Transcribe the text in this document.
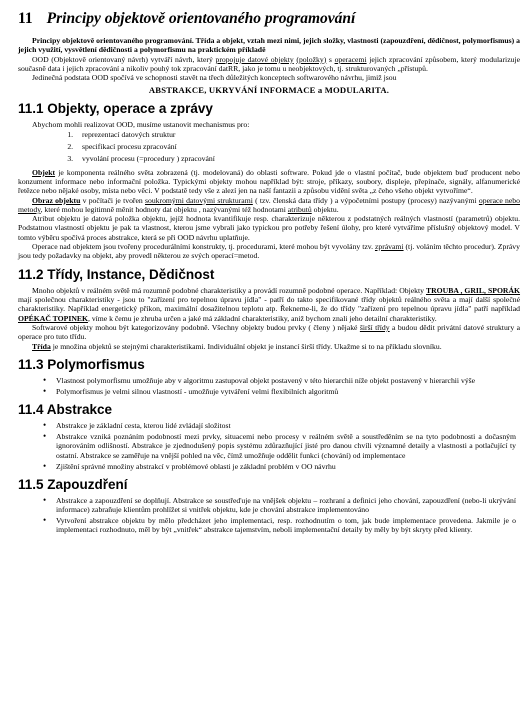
11 Principy objektově orientovaného programování

Principy objektově orientovaného programování. Třída a objekt, vztah mezi nimi, jejich složky, vlastnosti (zapouzdření, dědičnost, polymorfismus) a jejich využití, vysvětlení dědičnosti a polymorfismu na praktickém příkladě

OOD (Objektově orientovaný návrh) vytváří návrh, který propojuje datové objekty (položky) s operacemi jejich zpracování způsobem, který modularizuje současně data i jejich zpracování a nikoliv pouhý tok zpracování datRR, jako je tomu u neobjektových, tj. strukturovaných „přístupů.

Jedinečná podstata OOD spočívá ve schopnosti stavět na třech důležitých konceptech softwarového návrhu, jimiž jsou

ABSTRAKCE, UKRYVÁNÍ INFORMACE a MODULARITA.

11.1 Objekty, operace a zprávy

Abychom mohli realizovat OOD, musíme ustanovit mechanismus pro:

1. reprezentací datových struktur
2. specifikací procesu zpracování
3. vyvolání procesu (=procedury ) zpracování

Objekt je komponenta reálného světa zobrazená (tj. modelovaná) do oblasti software. Pokud jde o vlastní počítač, bude objektem buď producent nebo konzument informace nebo informační položka. Typickými objekty mohou například být: stroje, příkazy, soubory, displeje, přepínače, signály, alfanumerické řetězce nebo nějaké osoby, místa nebo věci. V podstatě tedy vše z alezí jen na naší fantazii a způsobu vidění světa „z čeho všeho objekt vytvoříme“.

Obraz objektu v počítači je tvořen soukromými datovými strukturami ( tzv. členská data třídy ) a výpočetními postupy (procesy) nazývanými operace nebo metody, které mohou legitimně měnit hodnoty dat objektu , nazývanými též hodnotami atributů objektu.

Atribut objektu je datová položka objektu, jejíž hodnota kvantifikuje resp. charakterizuje některou z podstatných reálných vlastností (parametrů) objektu. Podstatnou vlastností objektu je pak ta vlastnost, kterou jsme vybrali jako typickou pro potřeby řešení úlohy, pro které vytváříme příslušný objektový model. V tomto výběru spočívá proces abstrakce, která se při OOD návrhu uplatňuje.

Operace nad objektem jsou tvořeny procedurálními konstrukty, tj. procedurami, které mohou být vyvolány tzv. zprávami (tj. voláním těchto procedur). Zprávy jsou tedy požadavky na objekt, aby provedl některou ze svých operací=metod.

11.2 Třídy, Instance, Dědičnost

Mnoho objektů v reálném světě má rozumně podobné charakteristiky a provádí rozumně podobné operace. Například: Objekty TROUBA , GRIL, SPORÁK mají společnou charakteristiky - jsou to "zařízení pro tepelnou úpravu jídla" - patří do takto specifikované třídy objektů reálného světa a mají další společné charakteristiky. Například energetický příkon, maximální dosažitelnou teplotu atp. Řekneme-li, že do třídy "zařízení pro tepelnou úpravu jídla" patří například OPÉKAČ TOPINEK, víme k čemu je zhruba určen a jaké má základní charakteristiky, aniž bychom znali jeho detailní charakteristiky.

Softwarové objekty mohou být kategorizovány podobně. Všechny objekty budou prvky ( členy ) nějaké širší třídy a budou dědit privátní datové struktury a operace pro tuto třídu.

Třída je množina objektů se stejnými charakteristikami. Individuální objekt je instancí širší třídy. Ukažme si to na příkladu slovníku.

11.3 Polymorfismus
• Vlastnost polymorfismu umožňuje aby v algoritmu zastupoval objekt postavený v této hierarchii níže objekt postavený v hierarchii výše
• Polymorfismus je velmi silnou vlastností - umožňuje vytváření velmi flexibilních algoritmů
11.4 Abstrakce
• Abstrakce je základní cesta, kterou lidé zvládají složitost
• Abstrakce vzniká poznáním podobností mezi prvky, situacemi nebo procesy v reálném světě a soustředěním se na tyto podobnosti a dočasným ignorováním odlišností. Abstrakce je zjednodušený popis systému zdůrazňující jisté pro danou chvíli významné detaily a vlastnosti a potlačující ty ostatní. Abstrakce se zaměřuje na vnější pohled na věc, čímž umožňuje oddělit funkci (chování) od implementace
• Zjištění správné množiny abstrakcí v problémové oblasti je základní problém v OO návrhu
11.5 Zapouzdření
• Abstrakce a zapouzdření se doplňují. Abstrakce se soustřeďuje na vnějšek objektu – rozhraní a definici jeho chování, zapouzdření (nebo-li ukrývání informace) zabraňuje klientům prohlížet si vnitřek objektu, kde je chování abstrakce implementováno
• Vytvoření abstrakce objektu by mělo předcházet jeho implementaci, resp. rozhodnutím o tom, jak bude implementace provedena. Jakmile je o implementaci rozhodnuto, měl by být „vnitřek“ abstrakce tajemstvím, neboli implementační detaily by měly by být skryty před klienty.
